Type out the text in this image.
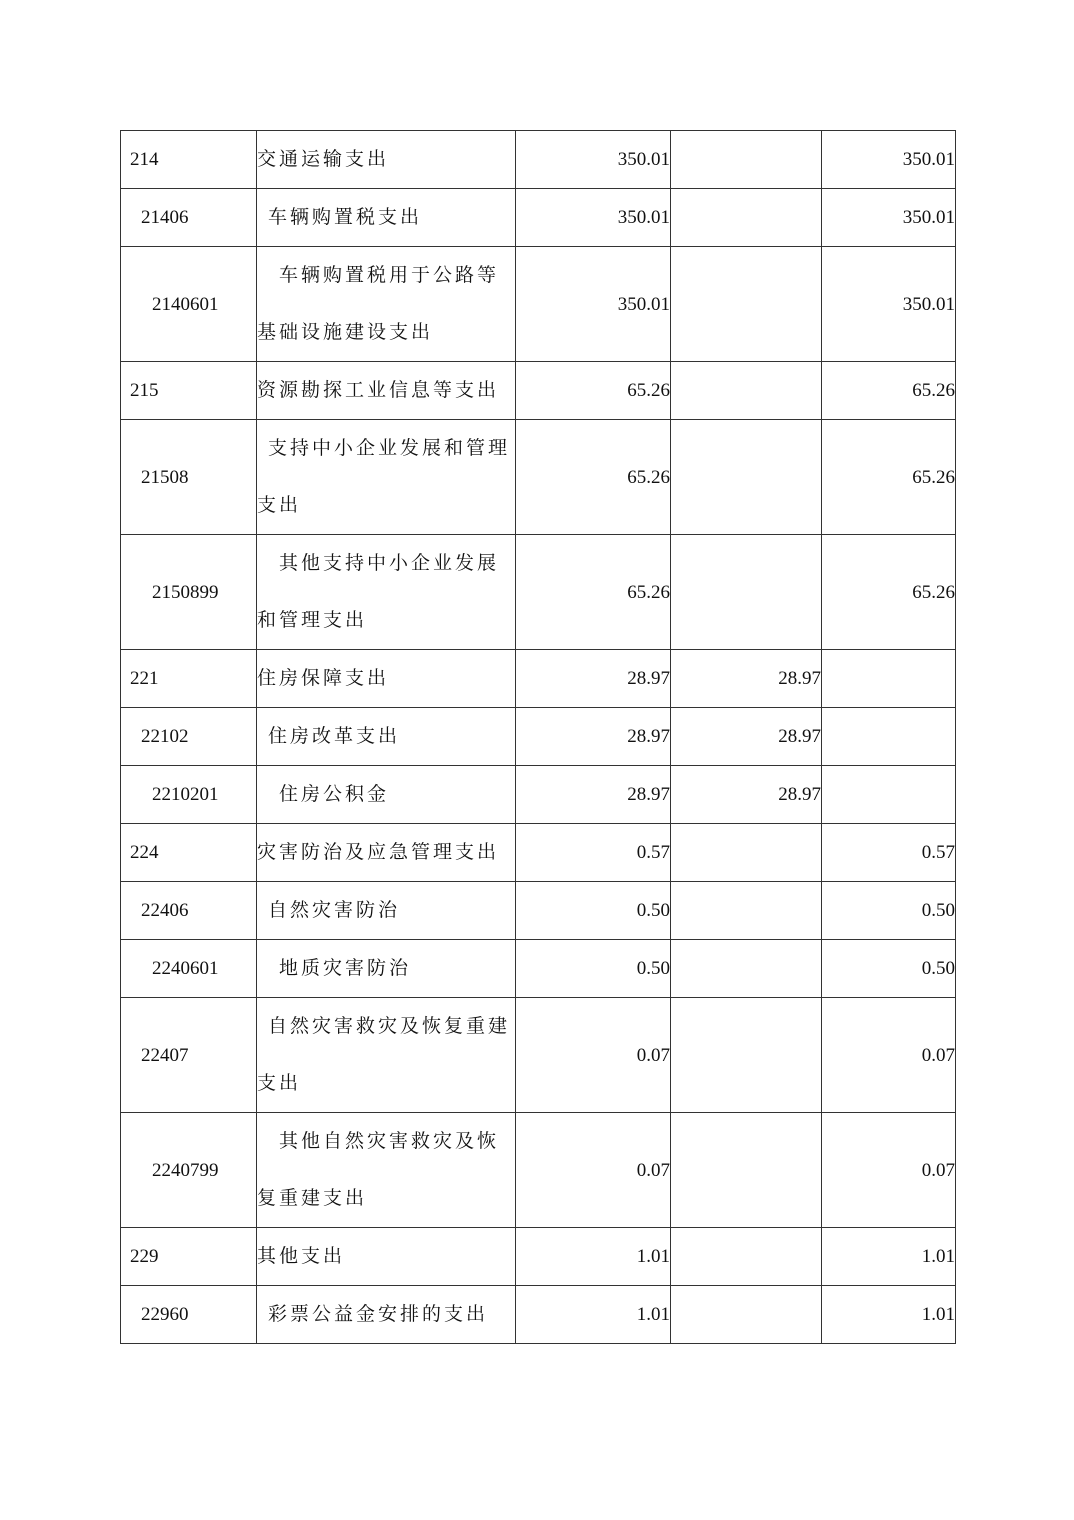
214	交通运输支出	350.01		350.01
21406	车辆购置税支出	350.01		350.01
2140601	车辆购置税用于公路等基础设施建设支出	350.01		350.01
215	资源勘探工业信息等支出	65.26		65.26
21508	支持中小企业发展和管理支出	65.26		65.26
2150899	其他支持中小企业发展和管理支出	65.26		65.26
221	住房保障支出	28.97	28.97	
22102	住房改革支出	28.97	28.97	
2210201	住房公积金	28.97	28.97	
224	灾害防治及应急管理支出	0.57		0.57
22406	自然灾害防治	0.50		0.50
2240601	地质灾害防治	0.50		0.50
22407	自然灾害救灾及恢复重建支出	0.07		0.07
2240799	其他自然灾害救灾及恢复重建支出	0.07		0.07
229	其他支出	1.01		1.01
22960	彩票公益金安排的支出	1.01		1.01
